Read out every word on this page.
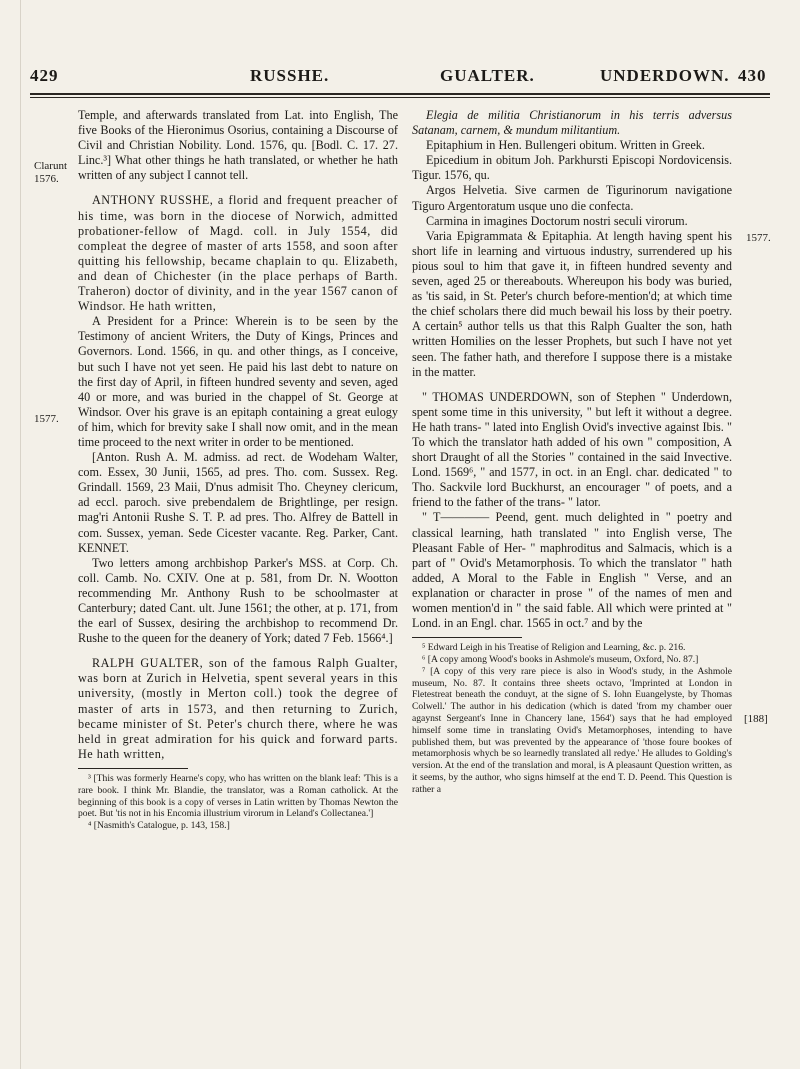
429	RUSSHE.	GUALTER.	UNDERDOWN. 430
Clarunt
1576.
1577.
1577.
[188]

Temple, and afterwards translated from Lat. into English, The five Books of the Hieronimus Osorius, containing a Discourse of Civil and Christian Nobility. Lond. 1576, qu. [Bodl. C. 17. 27. Linc.³] What other things he hath translated, or whether he hath written of any subject I cannot tell.

ANTHONY RUSSHE, a florid and frequent preacher of his time, was born in the diocese of Norwich, admitted probationer-fellow of Magd. coll. in July 1554, did compleat the degree of master of arts 1558, and soon after quitting his fellowship, became chaplain to qu. Elizabeth, and dean of Chichester (in the place perhaps of Barth. Traheron) doctor of divinity, and in the year 1567 canon of Windsor. He hath written,

A President for a Prince: Wherein is to be seen by the Testimony of ancient Writers, the Duty of Kings, Princes and Governors. Lond. 1566, in qu. and other things, as I conceive, but such I have not yet seen. He paid his last debt to nature on the first day of April, in fifteen hundred seventy and seven, aged 40 or more, and was buried in the chappel of St. George at Windsor. Over his grave is an epitaph containing a great eulogy of him, which for brevity sake I shall now omit, and in the mean time proceed to the next writer in order to be mentioned.

[Anton. Rush A. M. admiss. ad rect. de Wodeham Walter, com. Essex, 30 Junii, 1565, ad pres. Tho. com. Sussex. Reg. Grindall. 1569, 23 Maii, D'nus admisit Tho. Cheyney clericum, ad eccl. paroch. sive prebendalem de Brightlinge, per resign. mag'ri Antonii Rushe S. T. P. ad pres. Tho. Alfrey de Battell in com. Sussex, yeman. Sede Cicester vacante. Reg. Parker, Cant. KENNET.

Two letters among archbishop Parker's MSS. at Corp. Ch. coll. Camb. No. CXIV. One at p. 581, from Dr. N. Wootton recommending Mr. Anthony Rush to be schoolmaster at Canterbury; dated Cant. ult. June 1561; the other, at p. 171, from the earl of Sussex, desiring the archbishop to recommend Dr. Rushe to the queen for the deanery of York; dated 7 Feb. 1566⁴.]

RALPH GUALTER, son of the famous Ralph Gualter, was born at Zurich in Helvetia, spent several years in this university, (mostly in Merton coll.) took the degree of master of arts in 1573, and then returning to Zurich, became minister of St. Peter's church there, where he was held in great admiration for his quick and forward parts. He hath written,

³ [This was formerly Hearne's copy, who has written on the blank leaf: 'This is a rare book. I think Mr. Blandie, the translator, was a Roman catholick. At the beginning of this book is a copy of verses in Latin written by Thomas Newton the poet. But 'tis not in his Encomia illustrium virorum in Leland's Collectanea.']

⁴ [Nasmith's Catalogue, p. 143, 158.]

Elegia de militia Christianorum in his terris adversus Satanam, carnem, & mundum militantium.

Epitaphium in Hen. Bullengeri obitum. Written in Greek.

Epicedium in obitum Joh. Parkhursti Episcopi Nordovicensis. Tigur. 1576, qu.

Argos Helvetia. Sive carmen de Tigurinorum navigatione Tiguro Argentoratum usque uno die confecta.

Carmina in imagines Doctorum nostri seculi virorum.

Varia Epigrammata & Epitaphia. At length having spent his short life in learning and virtuous industry, surrendered up his pious soul to him that gave it, in fifteen hundred seventy and seven, aged 25 or thereabouts. Whereupon his body was buried, as 'tis said, in St. Peter's church before-mention'd; at which time the chief scholars there did much bewail his loss by their poetry. A certain⁵ author tells us that this Ralph Gualter the son, hath written Homilies on the lesser Prophets, but such I have not yet seen. The father hath, and therefore I suppose there is a mistake in the matter.

" THOMAS UNDERDOWN, son of Stephen " Underdown, spent some time in this university, " but left it without a degree. He hath trans- " lated into English Ovid's invective against Ibis. " To which the translator hath added of his own " composition, A short Draught of all the Stories " contained in the said Invective. Lond. 1569⁶, " and 1577, in oct. in an Engl. char. dedicated " to Tho. Sackvile lord Buckhurst, an encourager " of poets, and a friend to the father of the trans- " lator.

" T———— Peend, gent. much delighted in " poetry and classical learning, hath translated " into English verse, The Pleasant Fable of Her- " maphroditus and Salmacis, which is a part of " Ovid's Metamorphosis. To which the translator " hath added, A Moral to the Fable in English " Verse, and an explanation or character in prose " of the names of men and women mention'd in " the said fable. All which were printed at " Lond. in an Engl. char. 1565 in oct.⁷ and by the

⁵ Edward Leigh in his Treatise of Religion and Learning, &c. p. 216.

⁶ [A copy among Wood's books in Ashmole's museum, Oxford, No. 87.]

⁷ [A copy of this very rare piece is also in Wood's study, in the Ashmole museum, No. 87. It contains three sheets octavo, 'Imprinted at London in Fletestreat beneath the conduyt, at the signe of S. Iohn Euangelyste, by Thomas Colwell.' The author in his dedication (which is dated 'from my chamber ouer agaynst Sergeant's Inne in Chancery lane, 1564') says that he had employed himself some time in translating Ovid's Metamorphoses, intending to have published them, but was prevented by the appearance of 'those foure bookes of metamorphosis whych be so learnedly translated all redye.' He alludes to Golding's version. At the end of the translation and moral, is A pleasaunt Question written, as it seems, by the author, who signs himself at the end T. D. Peend. This Question is rather a
